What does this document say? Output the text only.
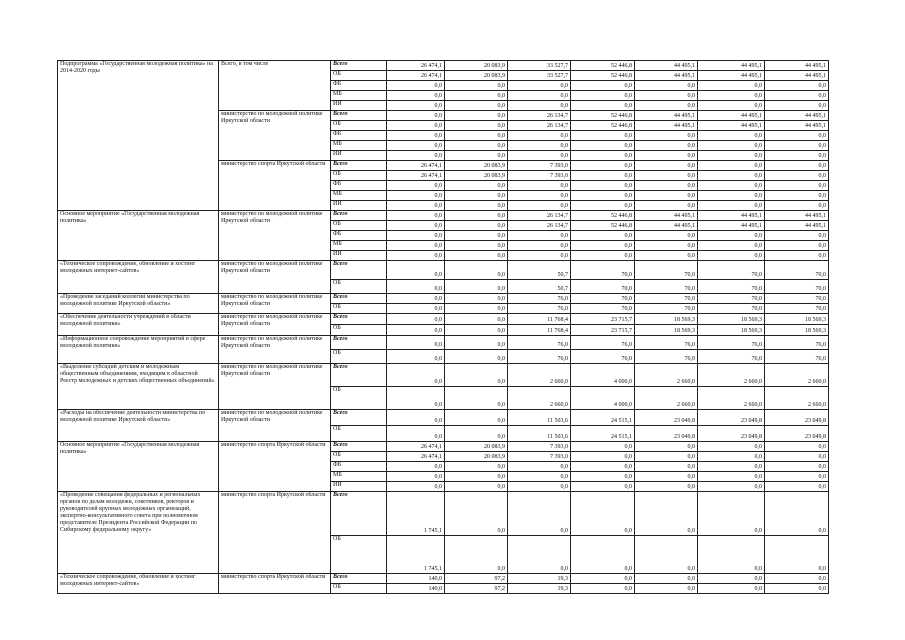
Подпрограмма «Государственная молодежная политика» на 2014-2020 годы	Всего, в том числе	Всего	26 474,1	20 083,9	33 527,7	52 446,8	44 495,1	44 495,1	44 495,1
		ОБ	26 474,1	20 083,9	33 527,7	52 446,8	44 495,1	44 495,1	44 495,1
		ФБ	0,0	0,0	0,0	0,0	0,0	0,0	0,0
		МБ	0,0	0,0	0,0	0,0	0,0	0,0	0,0
		ИИ	0,0	0,0	0,0	0,0	0,0	0,0	0,0
	министерство по молодежной политике Иркутской области	Всего	0,0	0,0	26 134,7	52 446,8	44 495,1	44 495,1	44 495,1
		ОБ	0,0	0,0	26 134,7	52 446,8	44 495,1	44 495,1	44 495,1
		ФБ	0,0	0,0	0,0	0,0	0,0	0,0	0,0
		МБ	0,0	0,0	0,0	0,0	0,0	0,0	0,0
		ИИ	0,0	0,0	0,0	0,0	0,0	0,0	0,0
	министерство спорта Иркутской области	Всего	26 474,1	20 083,9	7 393,0	0,0	0,0	0,0	0,0
		ОБ	26 474,1	20 083,9	7 393,0	0,0	0,0	0,0	0,0
		ФБ	0,0	0,0	0,0	0,0	0,0	0,0	0,0
		МБ	0,0	0,0	0,0	0,0	0,0	0,0	0,0
		ИИ	0,0	0,0	0,0	0,0	0,0	0,0	0,0
Основное мероприятие «Государственная молодежная политика»	министерство по молодежной политике Иркутской области	Всего	0,0	0,0	26 134,7	52 446,8	44 495,1	44 495,1	44 495,1
		ОБ	0,0	0,0	26 134,7	52 446,8	44 495,1	44 495,1	44 495,1
		ФБ	0,0	0,0	0,0	0,0	0,0	0,0	0,0
		МБ	0,0	0,0	0,0	0,0	0,0	0,0	0,0
		ИИ	0,0	0,0	0,0	0,0	0,0	0,0	0,0
«Техническое сопровождение, обновление и хостинг молодежных интернет-сайтов»	министерство по молодежной политике Иркутской области	Всего	0,0	0,0	50,7	70,0	70,0	70,0	70,0
		ОБ	0,0	0,0	50,7	70,0	70,0	70,0	70,0
«Проведение заседаний коллегии министерства по молодежной политике Иркутской области»	министерство по молодежной политике Иркутской области	Всего	0,0	0,0	76,0	70,0	70,0	70,0	70,0
		ОБ	0,0	0,0	76,0	70,0	70,0	70,0	70,0
«Обеспечение деятельности учреждений в области молодежной политики»	министерство по молодежной политике Иркутской области	Всего	0,0	0,0	11 768,4	23 715,7	18 569,3	18 569,3	18 569,3
		ОБ	0,0	0,0	11 768,4	23 715,7	18 569,3	18 569,3	18 569,3
«Информационное сопровождение мероприятий в сфере молодежной политики»	министерство по молодежной политике Иркутской области	Всего	0,0	0,0	76,0	76,0	76,0	76,0	76,0
		ОБ	0,0	0,0	76,0	76,0	76,0	76,0	76,0
«Выделение субсидий детским и молодежным общественным объединениям, входящим в областной Реестр молодежных и детских общественных объединений»	министерство по молодежной политике Иркутской области	Всего	0,0	0,0	2 660,0	4 000,0	2 660,0	2 660,0	2 660,0
		ОБ	0,0	0,0	2 660,0	4 000,0	2 660,0	2 660,0	2 660,0
«Расходы на обеспечение деятельности министерства по молодежной политике Иркутской области»	министерство по молодежной политике Иркутской области	Всего	0,0	0,0	11 503,6	24 515,1	23 049,8	23 049,8	23 049,8
		ОБ	0,0	0,0	11 503,6	24 515,1	23 049,8	23 049,8	23 049,8
Основное мероприятие «Государственная молодежная политика»	министерство спорта Иркутской области	Всего	26 474,1	20 083,9	7 393,0	0,0	0,0	0,0	0,0
		ОБ	26 474,1	20 083,9	7 393,0	0,0	0,0	0,0	0,0
		ФБ	0,0	0,0	0,0	0,0	0,0	0,0	0,0
		МБ	0,0	0,0	0,0	0,0	0,0	0,0	0,0
		ИИ	0,0	0,0	0,0	0,0	0,0	0,0	0,0
«Проведение совещания федеральных и региональных органов по делам молодежи, советников, ректоров и руководителей крупных молодежных организаций, экспертно-консультативного совета при полномочном представителе Президента Российской Федерации по Сибирскому федеральному округу»	министерство спорта Иркутской области	Всего	1 745,1	0,0	0,0	0,0	0,0	0,0	0,0
		ОБ	1 745,1	0,0	0,0	0,0	0,0	0,0	0,0
«Техническое сопровождение, обновление и хостинг молодежных интернет-сайтов»	министерство спорта Иркутской области	Всего	140,0	97,2	19,3	0,0	0,0	0,0	0,0
		ОБ	140,0	97,2	19,3	0,0	0,0	0,0	0,0
